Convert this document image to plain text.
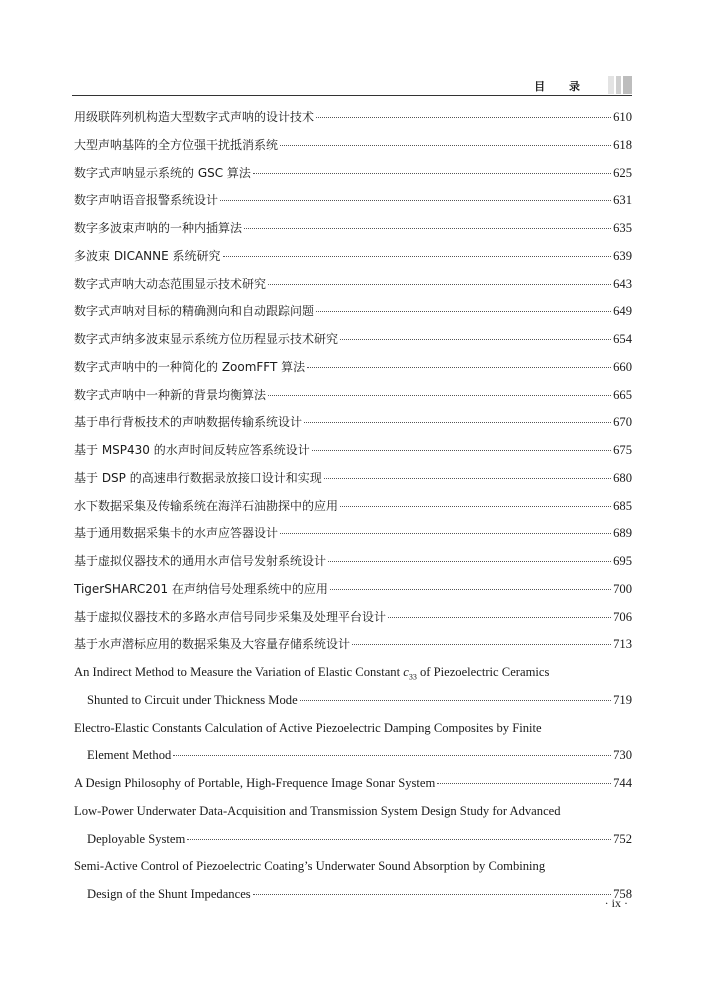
目 录
用级联阵列机构造大型数字式声呐的设计技术	610
大型声呐基阵的全方位强干扰抵消系统	618
数字式声呐显示系统的 GSC 算法	625
数字声呐语音报警系统设计	631
数字多波束声呐的一种内插算法	635
多波束 DICANNE 系统研究	639
数字式声呐大动态范围显示技术研究	643
数字式声呐对目标的精确测向和自动跟踪问题	649
数字式声纳多波束显示系统方位历程显示技术研究	654
数字式声呐中的一种简化的 ZoomFFT 算法	660
数字式声呐中一种新的背景均衡算法	665
基于串行背板技术的声呐数据传输系统设计	670
基于 MSP430 的水声时间反转应答系统设计	675
基于 DSP 的高速串行数据录放接口设计和实现	680
水下数据采集及传输系统在海洋石油勘探中的应用	685
基于通用数据采集卡的水声应答器设计	689
基于虚拟仪器技术的通用水声信号发射系统设计	695
TigerSHARC201 在声纳信号处理系统中的应用	700
基于虚拟仪器技术的多路水声信号同步采集及处理平台设计	706
基于水声潜标应用的数据采集及大容量存储系统设计	713
An Indirect Method to Measure the Variation of Elastic Constant $c_{33}$ of Piezoelectric Ceramics
Shunted to Circuit under Thickness Mode	719
Electro-Elastic Constants Calculation of Active Piezoelectric Damping Composites by Finite
Element Method	730
A Design Philosophy of Portable, High-Frequence Image Sonar System	744
Low-Power Underwater Data-Acquisition and Transmission System Design Study for Advanced
Deployable System	752
Semi-Active Control of Piezoelectric Coating’s Underwater Sound Absorption by Combining
Design of the Shunt Impedances	758
· ix ·
